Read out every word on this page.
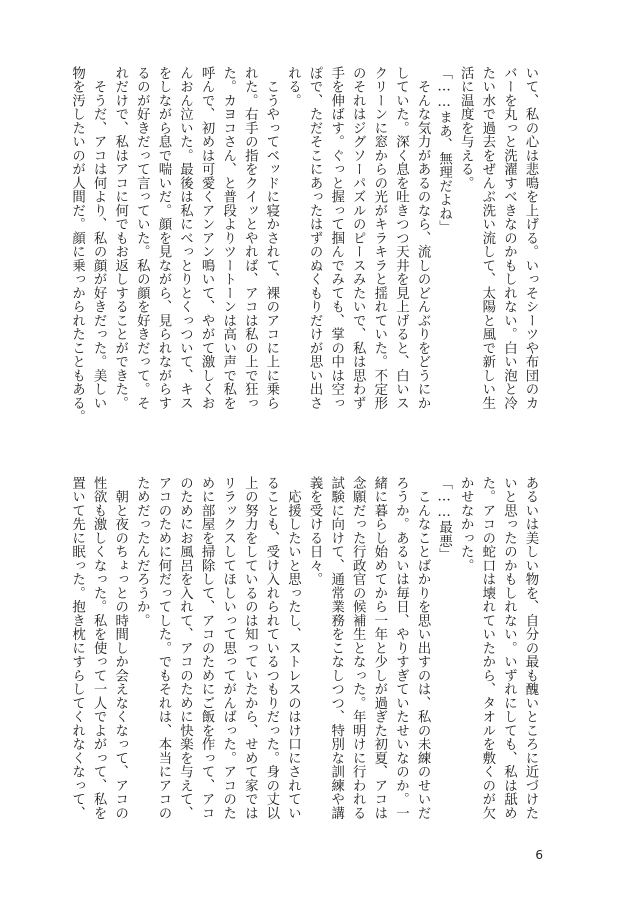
いて、私の心は悲鳴を上げる。いっそシーツや布団のカ
バーを丸っと洗濯すべきなのかもしれない。白い泡と冷
たい水で過去をぜんぶ洗い流して、太陽と風で新しい生
活に温度を与える。
「……まあ、無理だよね」
　そんな気力があるのなら、流しのどんぶりをどうにか
していた。深く息を吐きつつ天井を見上げると、白いス
クリーンに窓からの光がキラキラと揺れていた。不定形
のそれはジグソーパズルのピースみたいで、私は思わず
手を伸ばす。ぐっと握って掴んでみても、掌の中は空っ
ぽで、ただそこにあったはずのぬくもりだけが思い出さ
れる。
　こうやってベッドに寝かされて、裸のアコに上に乗ら
れた。右手の指をクイッとやれば、アコは私の上で狂っ
た。カヨコさん、と普段よりツートーンは高い声で私を
呼んで、初めは可愛くアンアン鳴いて、やがて激しくお
んおん泣いた。最後は私にべっとりとくっついて、キス
をしながら息で喘いだ。顔を見ながら、見られながらす
るのが好きだって言っていた。私の顔を好きだって。そ
れだけで、私はアコに何でもお返しすることができた。
　そうだ、アコは何より、私の顔が好きだった。美しい
物を汚したいのが人間だ。顔に乗っかられたこともある。
あるいは美しい物を、自分の最も醜いところに近づけた
いと思ったのかもしれない。いずれにしても、私は舐め
た。アコの蛇口は壊れていたから、タオルを敷くのが欠
かせなかった。
「……最悪」
　こんなことばかりを思い出すのは、私の未練のせいだ
ろうか。あるいは毎日、やりすぎていたせいなのか。一
緒に暮らし始めてから一年と少しが過ぎた初夏、アコは
念願だった行政官の候補生となった。年明けに行われる
試験に向けて、通常業務をこなしつつ、特別な訓練や講
義を受ける日々。
　応援したいと思ったし、ストレスのはけ口にされてい
ることも、受け入れられているつもりだった。身の丈以
上の努力をしているのは知っていたから、せめて家では
リラックスしてほしいって思ってがんばった。アコのた
めに部屋を掃除して、アコのためにご飯を作って、アコ
のためにお風呂を入れて、アコのために快楽を与えて、
アコのために何だってした。でもそれは、本当にアコの
ためだったんだろうか。
　朝と夜のちょっとの時間しか会えなくなって、アコの
性欲も激しくなった。私を使って一人でよがって、私を
置いて先に眠った。抱き枕にすらしてくれなくなって、
6
